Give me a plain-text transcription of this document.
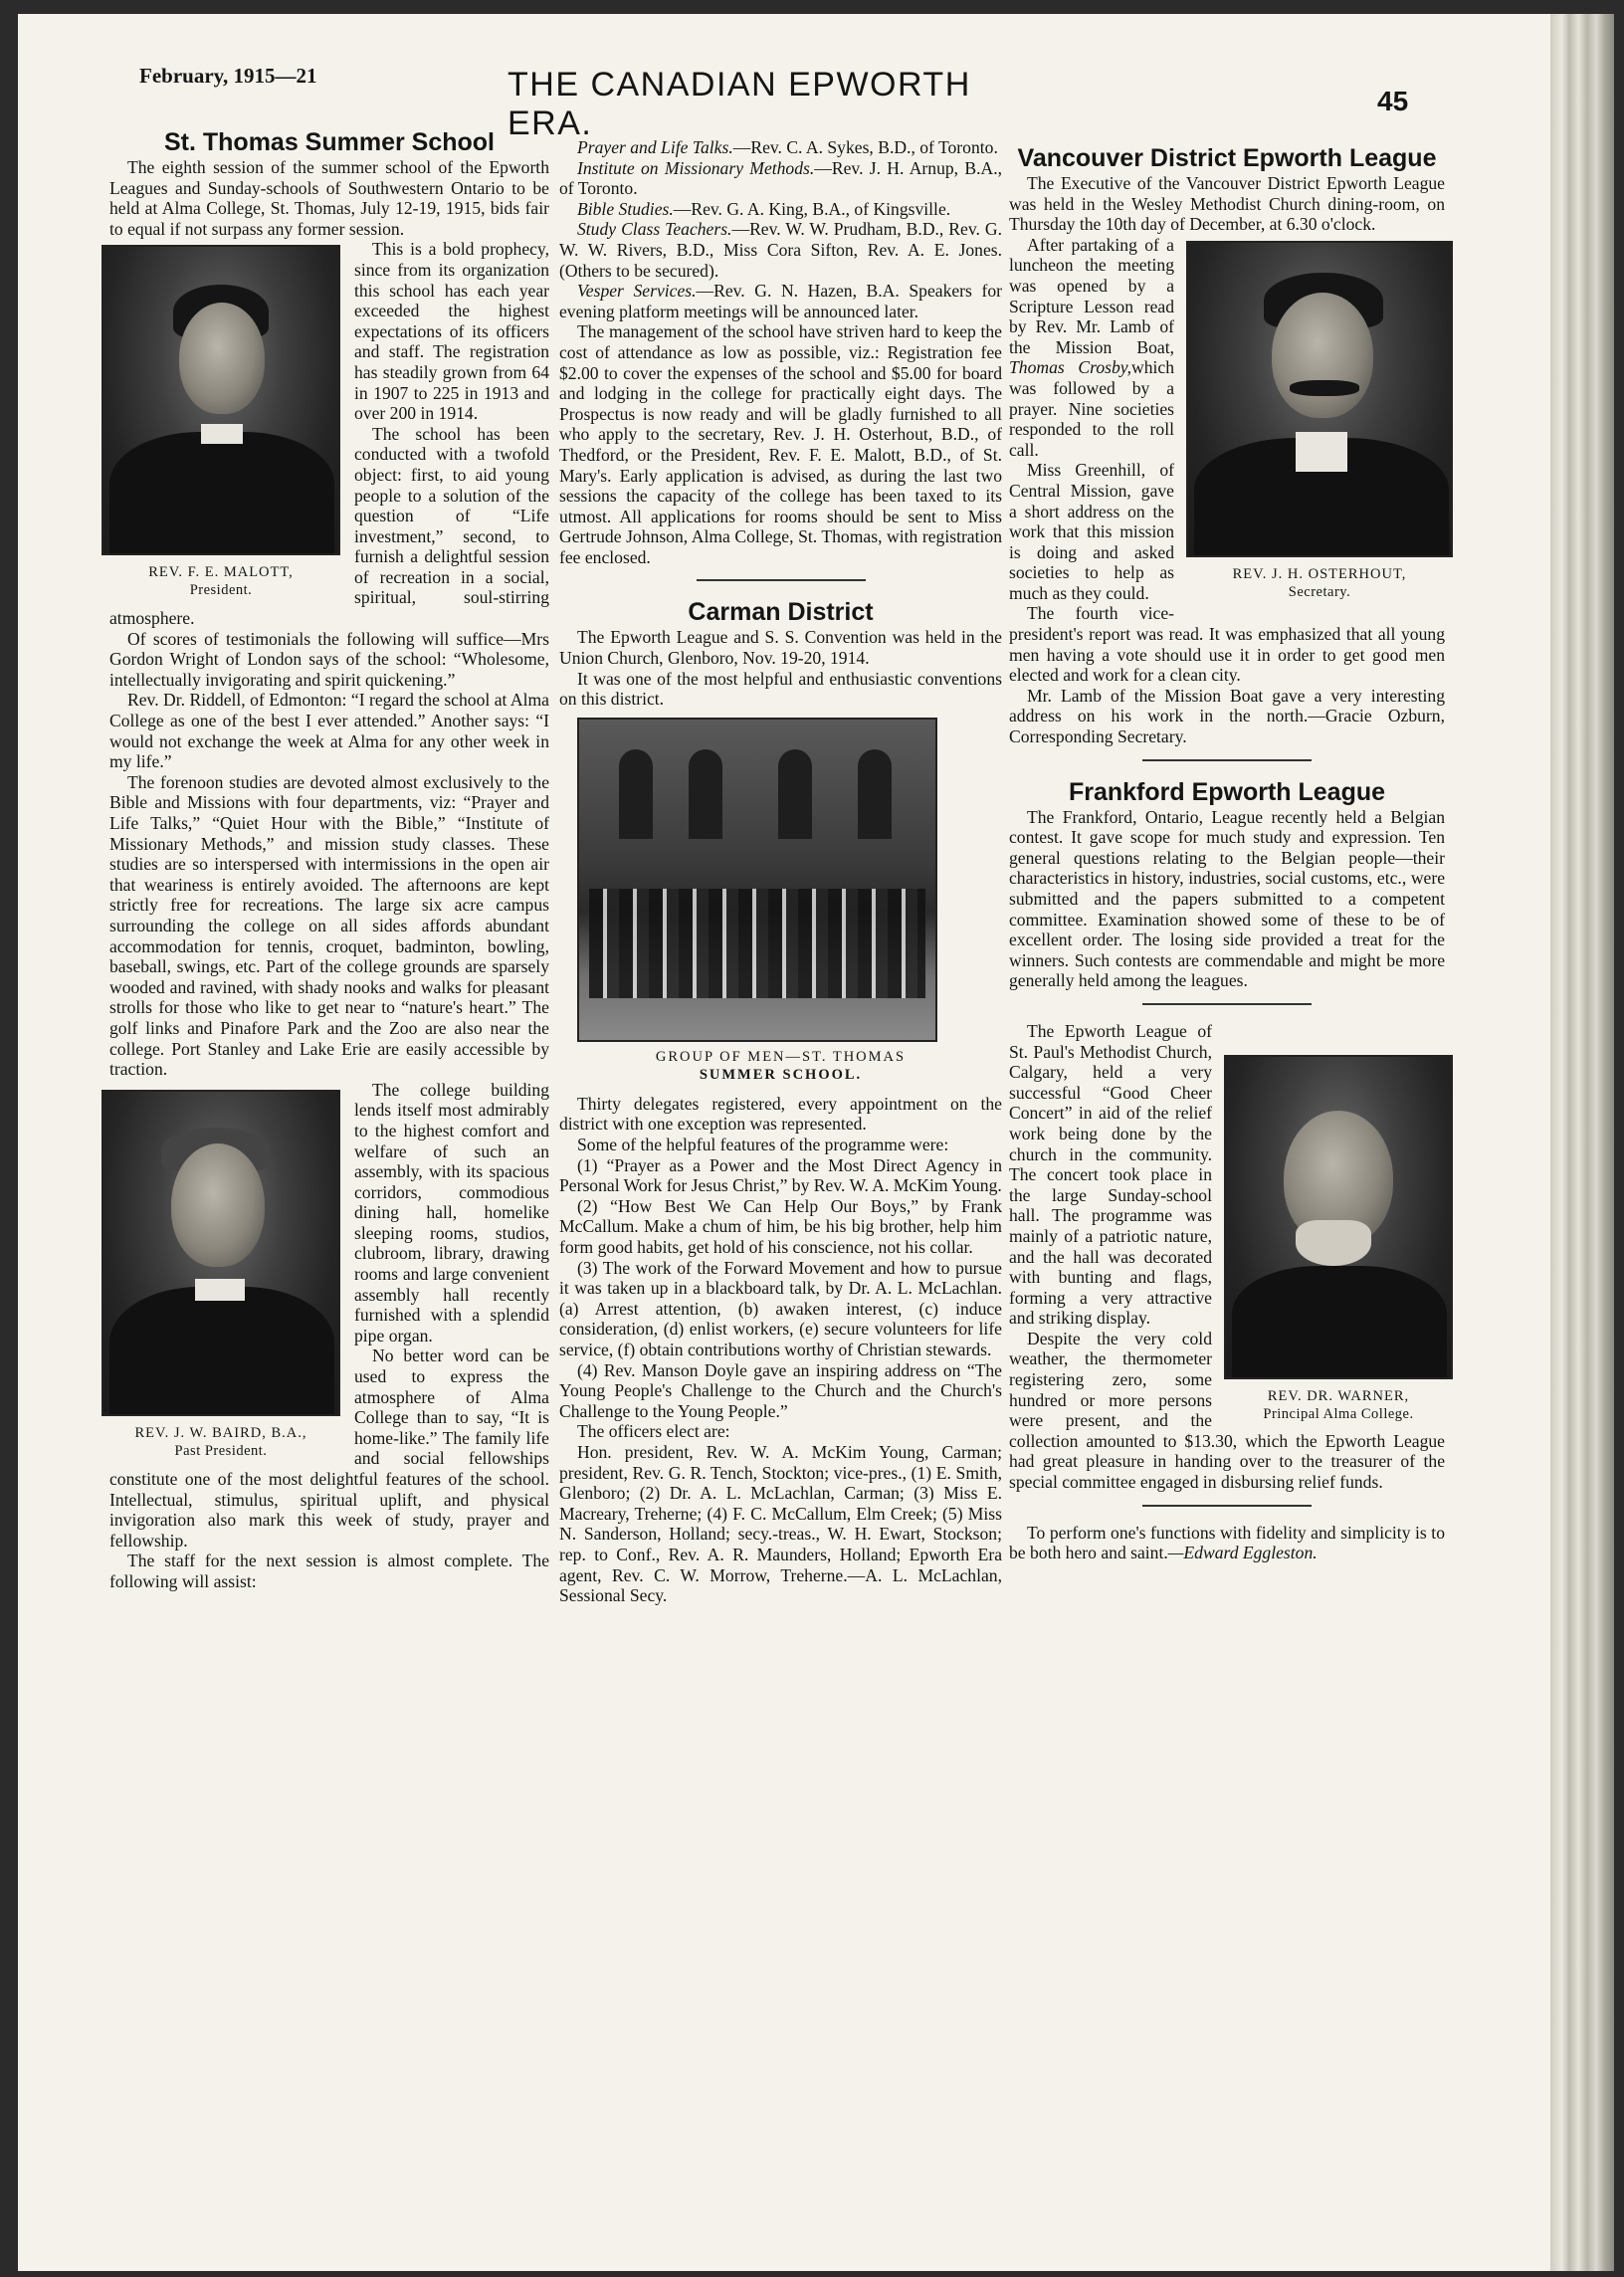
February, 1915—21	THE CANADIAN EPWORTH ERA.
45

St. Thomas Summer School

The eighth session of the summer school of the Epworth Leagues and Sunday-schools of Southwestern Ontario to be held at Alma College, St. Thomas, July 12-19, 1915, bids fair to equal if not surpass any former session.

REV. F. E. MALOTT,
President.

This is a bold prophecy, since from its organization this school has each year exceeded the highest expectations of its officers and staff. The registration has steadily grown from 64 in 1907 to 225 in 1913 and over 200 in 1914.

The school has been conducted with a twofold object: first, to aid young people to a solution of the question of “Life investment,” second, to furnish a delightful session of recreation in a social, spiritual, soul-stirring atmosphere.

Of scores of testimonials the following will suffice—Mrs Gordon Wright of London says of the school: “Wholesome, intellectually invigorating and spirit quickening.”

Rev. Dr. Riddell, of Edmonton: “I regard the school at Alma College as one of the best I ever attended.” Another says: “I would not exchange the week at Alma for any other week in my life.”

The forenoon studies are devoted almost exclusively to the Bible and Missions with four departments, viz: “Prayer and Life Talks,” “Quiet Hour with the Bible,” “Institute of Missionary Methods,” and mission study classes. These studies are so interspersed with intermissions in the open air that weariness is entirely avoided. The afternoons are kept strictly free for recreations. The large six acre campus surrounding the college on all sides affords abundant accommodation for tennis, croquet, badminton, bowling, baseball, swings, etc. Part of the college grounds are sparsely wooded and ravined, with shady nooks and walks for pleasant strolls for those who like to get near to “nature's heart.” The golf links and Pinafore Park and the Zoo are also near the college. Port Stanley and Lake Erie are easily accessible by traction.

REV. J. W. BAIRD, B.A.,
Past President.

The college building lends itself most admirably to the highest comfort and welfare of such an assembly, with its spacious corridors, commodious dining hall, homelike sleeping rooms, studios, clubroom, library, drawing rooms and large convenient assembly hall recently furnished with a splendid pipe organ.

No better word can be used to express the atmosphere of Alma College than to say, “It is home-like.” The family life and social fellowships constitute one of the most delightful features of the school. Intellectual, stimulus, spiritual uplift, and physical invigoration also mark this week of study, prayer and fellowship.

The staff for the next session is almost complete. The following will assist:

Prayer and Life Talks.—Rev. C. A. Sykes, B.D., of Toronto.

Institute on Missionary Methods.—Rev. J. H. Arnup, B.A., of Toronto.

Bible Studies.—Rev. G. A. King, B.A., of Kingsville.

Study Class Teachers.—Rev. W. W. Prudham, B.D., Rev. G. W. W. Rivers, B.D., Miss Cora Sifton, Rev. A. E. Jones. (Others to be secured).

Vesper Services.—Rev. G. N. Hazen, B.A. Speakers for evening platform meetings will be announced later.

The management of the school have striven hard to keep the cost of attendance as low as possible, viz.: Registration fee $2.00 to cover the expenses of the school and $5.00 for board and lodging in the college for practically eight days. The Prospectus is now ready and will be gladly furnished to all who apply to the secretary, Rev. J. H. Osterhout, B.D., of Thedford, or the President, Rev. F. E. Malott, B.D., of St. Mary's. Early application is advised, as during the last two sessions the capacity of the college has been taxed to its utmost. All applications for rooms should be sent to Miss Gertrude Johnson, Alma College, St. Thomas, with registration fee enclosed.

Carman District

The Epworth League and S. S. Convention was held in the Union Church, Glenboro, Nov. 19-20, 1914.

It was one of the most helpful and enthusiastic conventions on this district.

GROUP OF MEN—ST. THOMAS
SUMMER SCHOOL.

Thirty delegates registered, every appointment on the district with one exception was represented.

Some of the helpful features of the programme were:

(1) “Prayer as a Power and the Most Direct Agency in Personal Work for Jesus Christ,” by Rev. W. A. McKim Young.

(2) “How Best We Can Help Our Boys,” by Frank McCallum. Make a chum of him, be his big brother, help him form good habits, get hold of his conscience, not his collar.

(3) The work of the Forward Movement and how to pursue it was taken up in a blackboard talk, by Dr. A. L. McLachlan. (a) Arrest attention, (b) awaken interest, (c) induce consideration, (d) enlist workers, (e) secure volunteers for life service, (f) obtain contributions worthy of Christian stewards.

(4) Rev. Manson Doyle gave an inspiring address on “The Young People's Challenge to the Church and the Church's Challenge to the Young People.”

The officers elect are:

Hon. president, Rev. W. A. McKim Young, Carman; president, Rev. G. R. Tench, Stockton; vice-pres., (1) E. Smith, Glenboro; (2) Dr. A. L. McLachlan, Carman; (3) Miss E. Macreary, Treherne; (4) F. C. McCallum, Elm Creek; (5) Miss N. Sanderson, Holland; secy.-treas., W. H. Ewart, Stockson; rep. to Conf., Rev. A. R. Maunders, Holland; Epworth Era agent, Rev. C. W. Morrow, Treherne.—A. L. McLachlan, Sessional Secy.

Vancouver District Epworth League

The Executive of the Vancouver District Epworth League was held in the Wesley Methodist Church dining-room, on Thursday the 10th day of December, at 6.30 o'clock.

REV. J. H. OSTERHOUT,
Secretary.

After partaking of a luncheon the meeting was opened by a Scripture Lesson read by Rev. Mr. Lamb of the Mission Boat, Thomas Crosby,which was followed by a prayer. Nine societies responded to the roll call.

Miss Greenhill, of Central Mission, gave a short address on the work that this mission is doing and asked societies to help as much as they could.

The fourth vice-president's report was read. It was emphasized that all young men having a vote should use it in order to get good men elected and work for a clean city.

Mr. Lamb of the Mission Boat gave a very interesting address on his work in the north.—Gracie Ozburn, Corresponding Secretary.

Frankford Epworth League

The Frankford, Ontario, League recently held a Belgian contest. It gave scope for much study and expression. Ten general questions relating to the Belgian people—their characteristics in history, industries, social customs, etc., were submitted and the papers submitted to a competent committee. Examination showed some of these to be of excellent order. The losing side provided a treat for the winners. Such contests are commendable and might be more generally held among the leagues.

REV. DR. WARNER,
Principal Alma College.

The Epworth League of St. Paul's Methodist Church, Calgary, held a very successful “Good Cheer Concert” in aid of the relief work being done by the church in the community. The concert took place in the large Sunday-school hall. The programme was mainly of a patriotic nature, and the hall was decorated with bunting and flags, forming a very attractive and striking display.

Despite the very cold weather, the thermometer registering zero, some hundred or more persons were present, and the collection amounted to $13.30, which the Epworth League had great pleasure in handing over to the treasurer of the special committee engaged in disbursing relief funds.

To perform one's functions with fidelity and simplicity is to be both hero and saint.—Edward Eggleston.
